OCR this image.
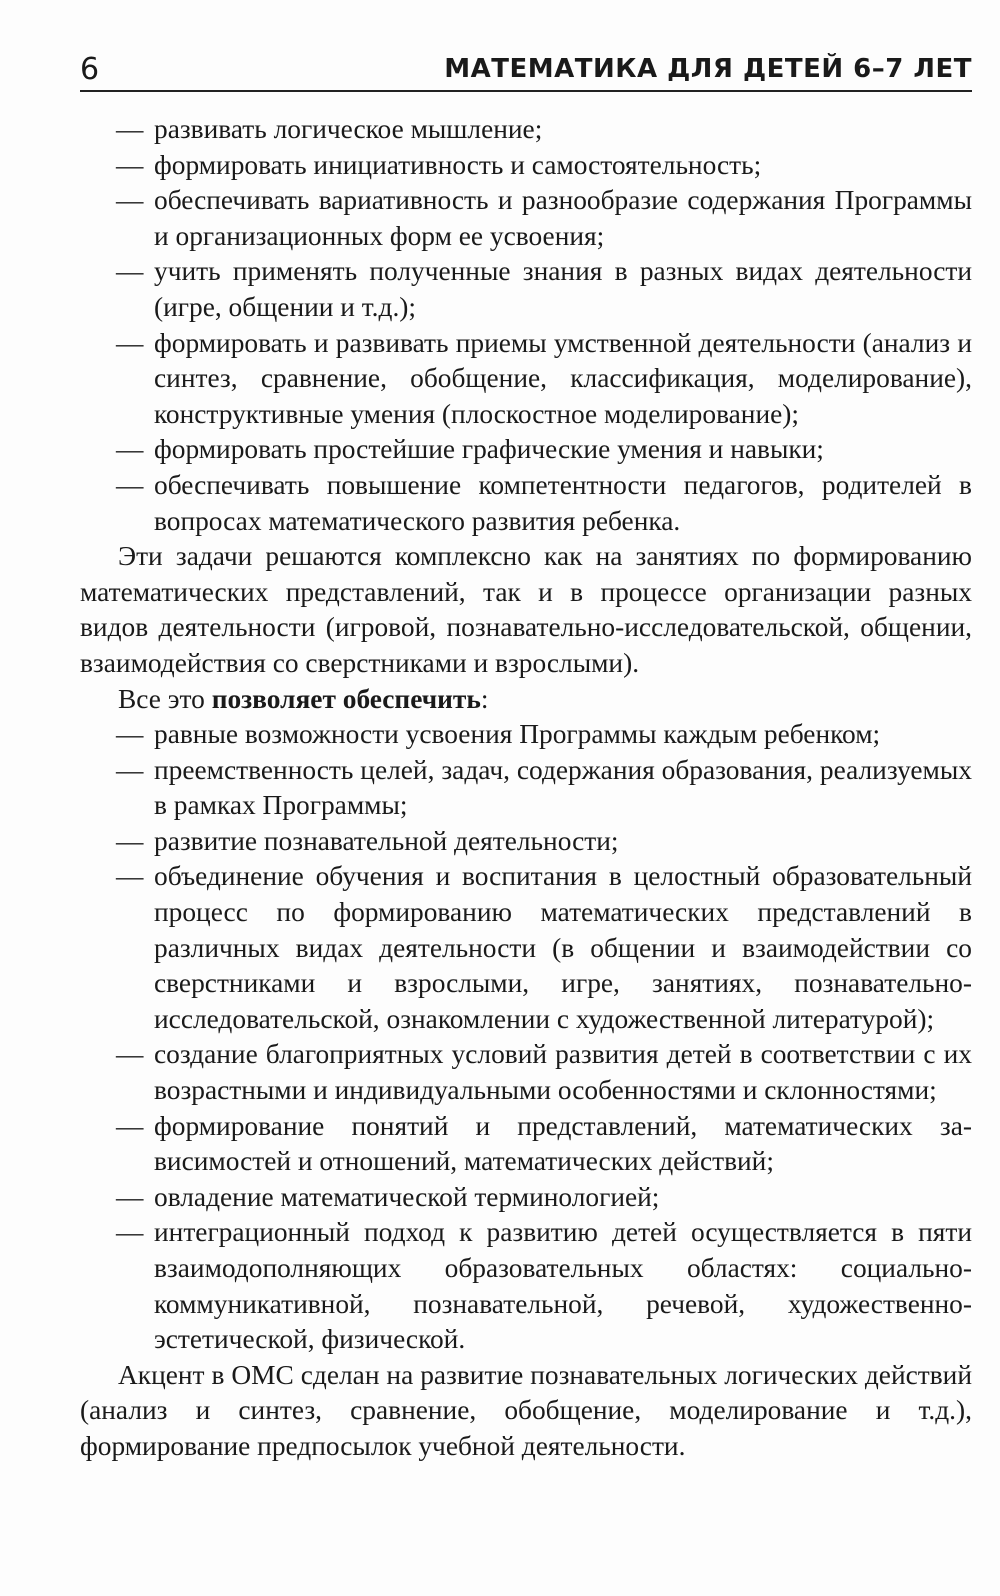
6	МАТЕМАТИКА ДЛЯ ДЕТЕЙ 6–7 ЛЕТ
— развивать логическое мышление;
— формировать инициативность и самостоятельность;
— обеспечивать вариативность и разнообразие содержания Программы и организационных форм ее усвоения;
— учить применять полученные знания в разных видах деятельности (игре, общении и т.д.);
— формировать и развивать приемы умственной деятельности (анализ и синтез, сравнение, обобщение, классификация, моделирование), конструктивные умения (плоскостное моделирование);
— формировать простейшие графические умения и навыки;
— обеспечивать повышение компетентности педагогов, родителей в вопросах математического развития ребенка.

Эти задачи решаются комплексно как на занятиях по формированию математических представлений, так и в процессе организации разных видов деятельности (игровой, познавательно-исследовательской, общении, взаимодействия со сверстниками и взрослыми).

Все это позволяет обеспечить:

— равные возможности усвоения Программы каждым ребенком;
— преемственность целей, задач, содержания образования, реализуемых в рамках Программы;
— развитие познавательной деятельности;
— объединение обучения и воспитания в целостный образовательный процесс по формированию математических представлений в различных видах деятельности (в общении и взаимодействии со сверстниками и взрослыми, игре, занятиях, познавательно-исследовательской, ознакомлении с художественной литературой);
— создание благоприятных условий развития детей в соответствии с их возрастными и индивидуальными особенностями и склонностями;
— формирование понятий и представлений, математических зависимостей и отношений, математических действий;
— овладение математической терминологией;
— интеграционный подход к развитию детей осуществляется в пяти взаимодополняющих образовательных областях: социально-коммуникативной, познавательной, речевой, художественно-эстетической, физической.

Акцент в ОМС сделан на развитие познавательных логических действий (анализ и синтез, сравнение, обобщение, моделирование и т.д.), формирование предпосылок учебной деятельности.
